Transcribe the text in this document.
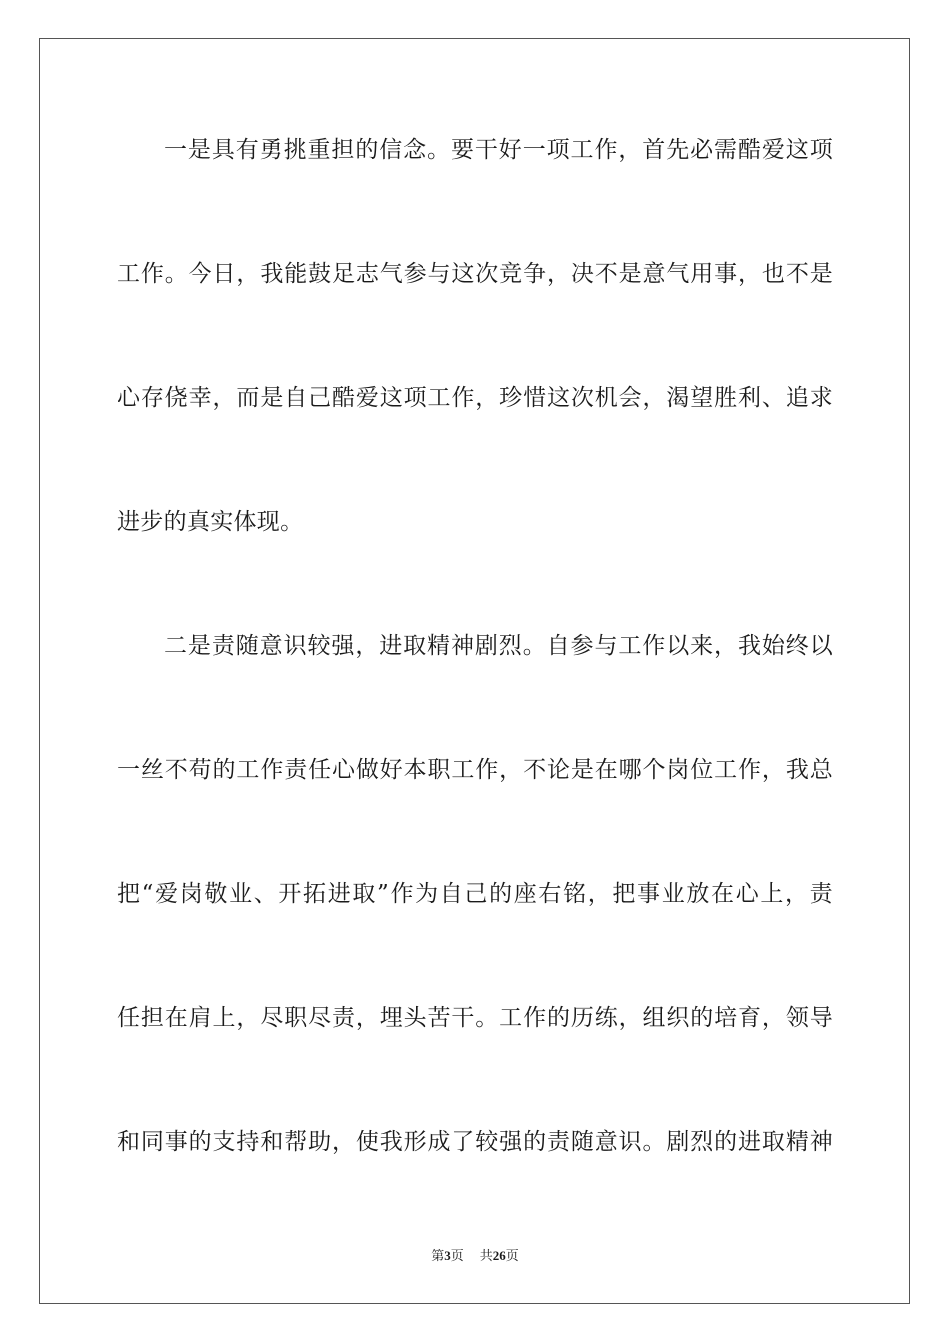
一是具有勇挑重担的信念。要干好一项工作，首先必需酷爱这项
工作。今日，我能鼓足志气参与这次竞争，决不是意气用事，也不是
心存侥幸，而是自己酷爱这项工作，珍惜这次机会，渴望胜利、追求
进步的真实体现。
二是责随意识较强，进取精神剧烈。自参与工作以来，我始终以
一丝不苟的工作责任心做好本职工作，不论是在哪个岗位工作，我总
把“爱岗敬业、开拓进取”作为自己的座右铭，把事业放在心上，责
任担在肩上，尽职尽责，埋头苦干。工作的历练，组织的培育，领导
和同事的支持和帮助，使我形成了较强的责随意识。剧烈的进取精神
第3页 共26页
